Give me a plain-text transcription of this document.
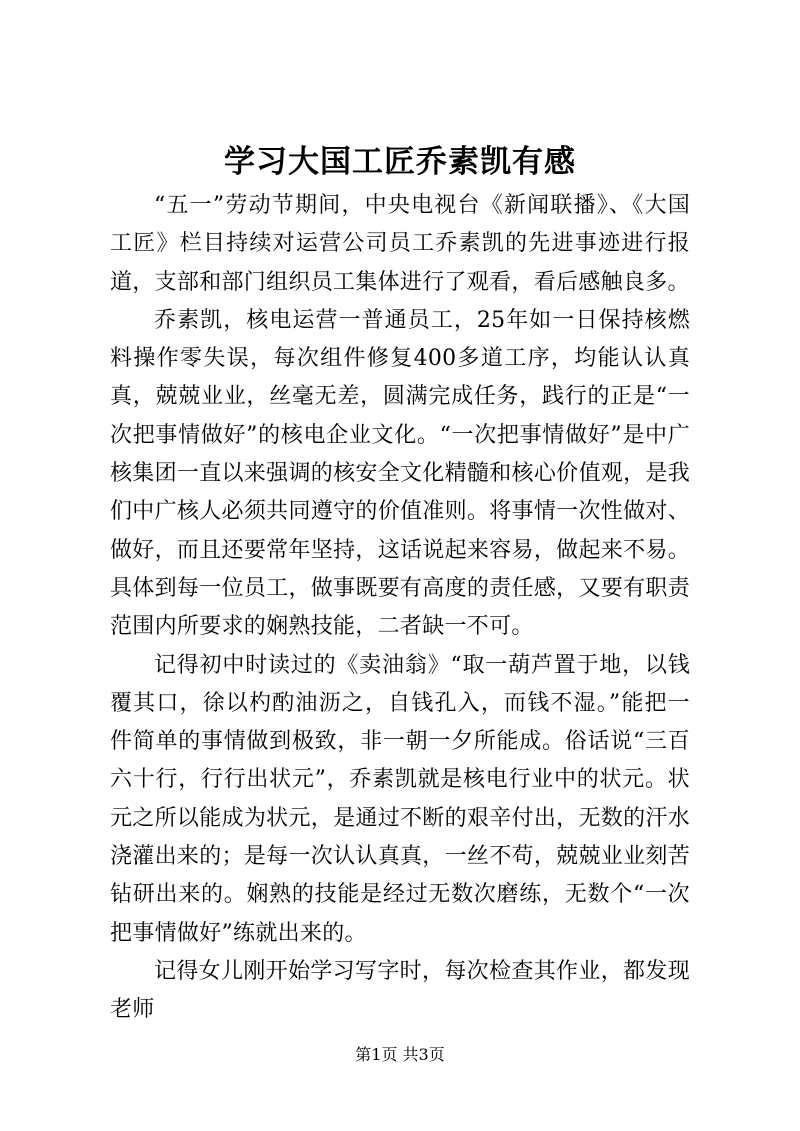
学习大国工匠乔素凯有感

“五一”劳动节期间，中央电视台《新闻联播》、《大国工匠》栏目持续对运营公司员工乔素凯的先进事迹进行报道，支部和部门组织员工集体进行了观看，看后感触良多。

乔素凯，核电运营一普通员工，25年如一日保持核燃料操作零失误，每次组件修复400多道工序，均能认认真真，兢兢业业，丝毫无差，圆满完成任务，践行的正是“一次把事情做好”的核电企业文化。“一次把事情做好”是中广核集团一直以来强调的核安全文化精髓和核心价值观，是我们中广核人必须共同遵守的价值准则。将事情一次性做对、做好，而且还要常年坚持，这话说起来容易，做起来不易。具体到每一位员工，做事既要有高度的责任感，又要有职责范围内所要求的娴熟技能，二者缺一不可。

记得初中时读过的《卖油翁》“取一葫芦置于地，以钱覆其口，徐以杓酌油沥之，自钱孔入，而钱不湿。”能把一件简单的事情做到极致，非一朝一夕所能成。俗话说“三百六十行，行行出状元”，乔素凯就是核电行业中的状元。状元之所以能成为状元，是通过不断的艰辛付出，无数的汗水浇灌出来的；是每一次认认真真，一丝不苟，兢兢业业刻苦钻研出来的。娴熟的技能是经过无数次磨练，无数个“一次把事情做好”练就出来的。

记得女儿刚开始学习写字时，每次检查其作业，都发现老师

第1页 共3页
